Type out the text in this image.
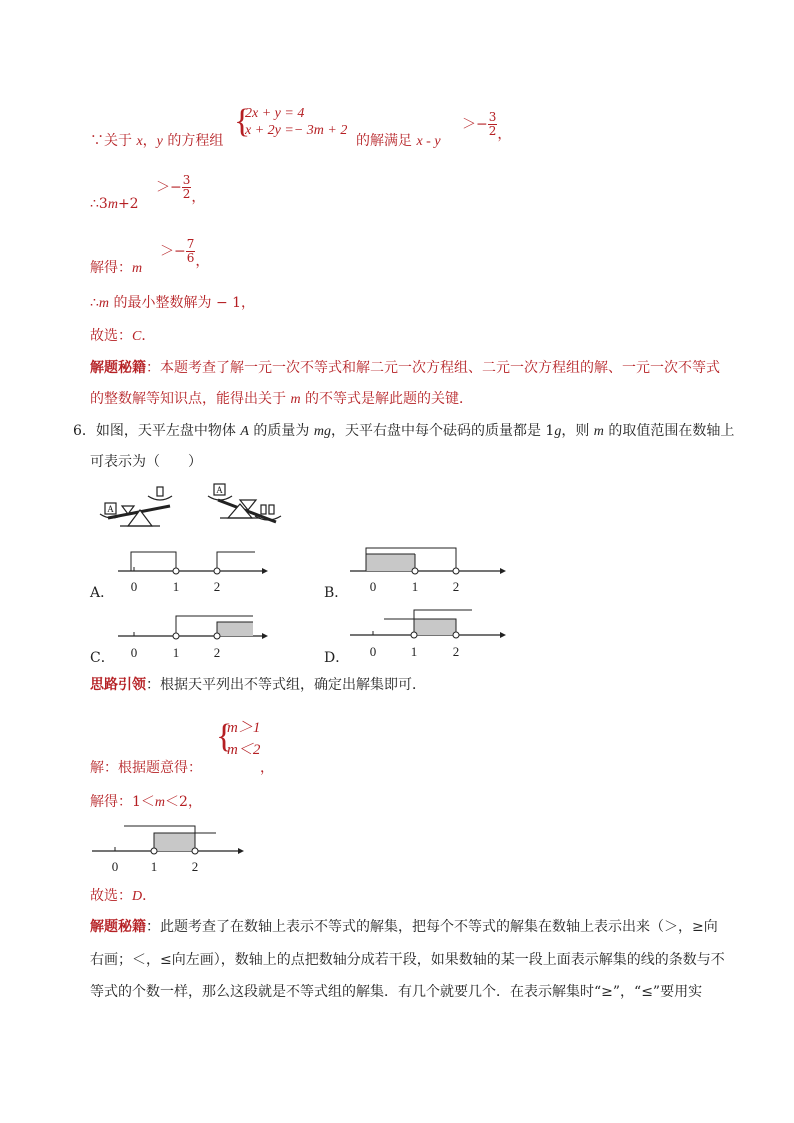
∵关于 x，y 的方程组
{
2x + y = 4
x + 2y =− 3m + 2
的解满足 x - y
＞− $\frac{3}{2}$ ，
∴3m+2
＞− $\frac{3}{2}$ ，
解得：m
＞− $\frac{7}{6}$ ，
∴m 的最小整数解为 − 1，
故选：C．
解题秘籍：本题考查了解一元一次不等式和解二元一次方程组、二元一次方程组的解、一元一次不等式
的整数解等知识点，能得出关于 m 的不等式是解此题的关键．
6．如图，天平左盘中物体 A 的质量为 mg，天平右盘中每个砝码的质量都是 1g，则 m 的取值范围在数轴上
可表示为（　　）
A
A
A． 0	1	2	B． 0	1	2
C． 0	1	2	D． 0	1	2
思路引领：根据天平列出不等式组，确定出解集即可．
{
m＞1
m＜2
解：根据题意得：	，
解得：1＜m＜2，
0	1	2
故选：D．
解题秘籍：此题考查了在数轴上表示不等式的解集，把每个不等式的解集在数轴上表示出来（＞，≥向
右画；＜，≤向左画），数轴上的点把数轴分成若干段，如果数轴的某一段上面表示解集的线的条数与不
等式的个数一样，那么这段就是不等式组的解集．有几个就要几个．在表示解集时“≥”，“≤”要用实
